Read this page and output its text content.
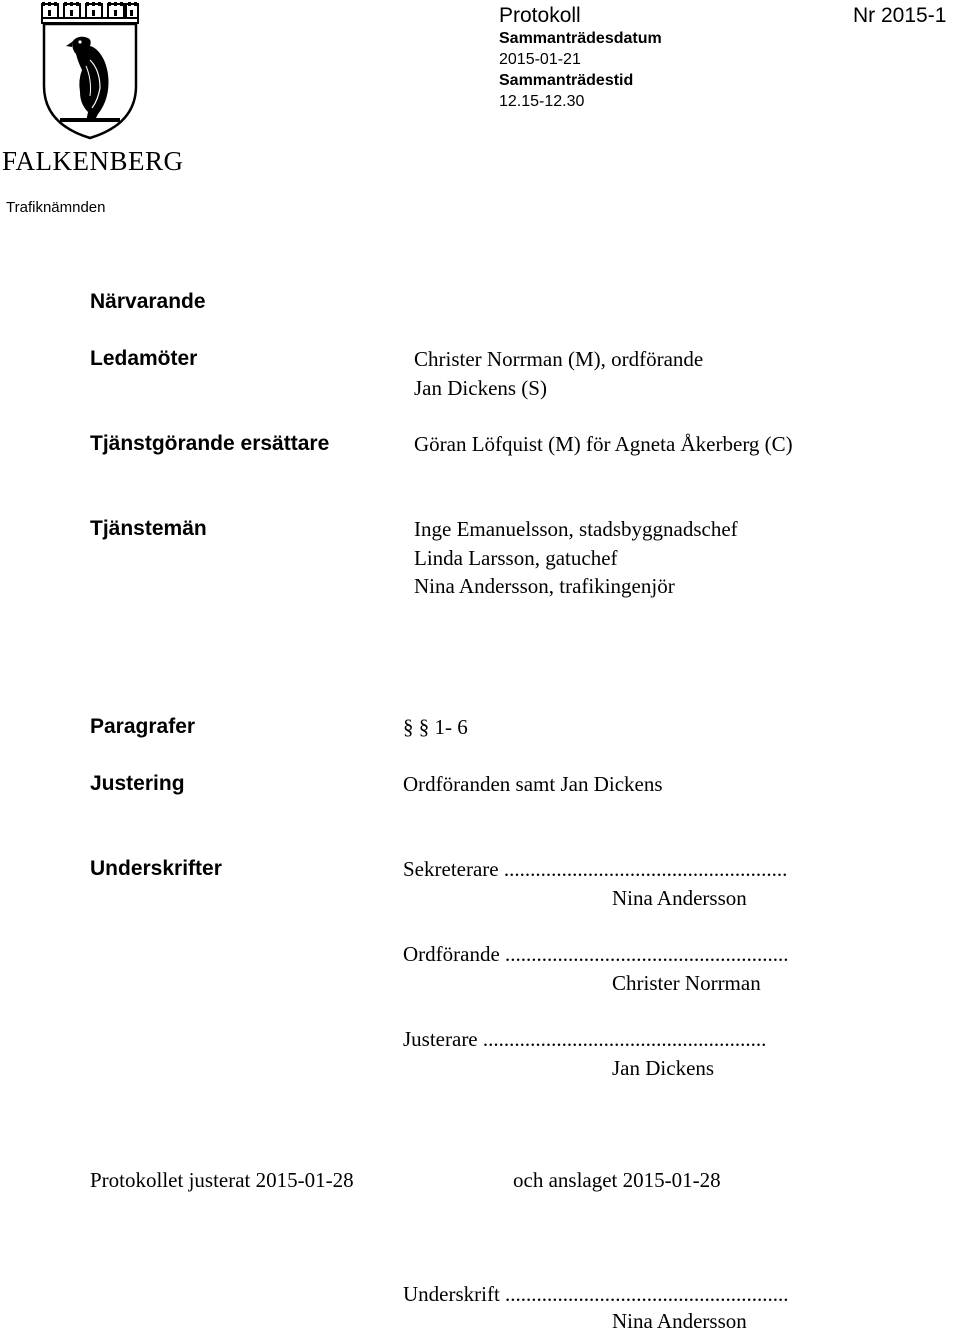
FALKENBERG
Trafiknämnden
Protokoll	Nr 2015-1
Sammanträdesdatum
2015-01-21
Sammanträdestid
12.15-12.30
Närvarande
Ledamöter	Christer Norrman (M), ordförande
Jan Dickens (S)
Tjänstgörande ersättare	Göran Löfquist (M) för Agneta Åkerberg (C)
Tjänstemän	Inge Emanuelsson, stadsbyggnadschef
Linda Larsson, gatuchef
Nina Andersson, trafikingenjör
Paragrafer	§ § 1- 6
Justering	Ordföranden samt Jan Dickens
Underskrifter	Sekreterare ......................................................
Nina Andersson
Ordförande ......................................................
Christer Norrman
Justerare ......................................................
Jan Dickens
Protokollet justerat 2015-01-28	och anslaget 2015-01-28
Underskrift ......................................................
Nina Andersson
